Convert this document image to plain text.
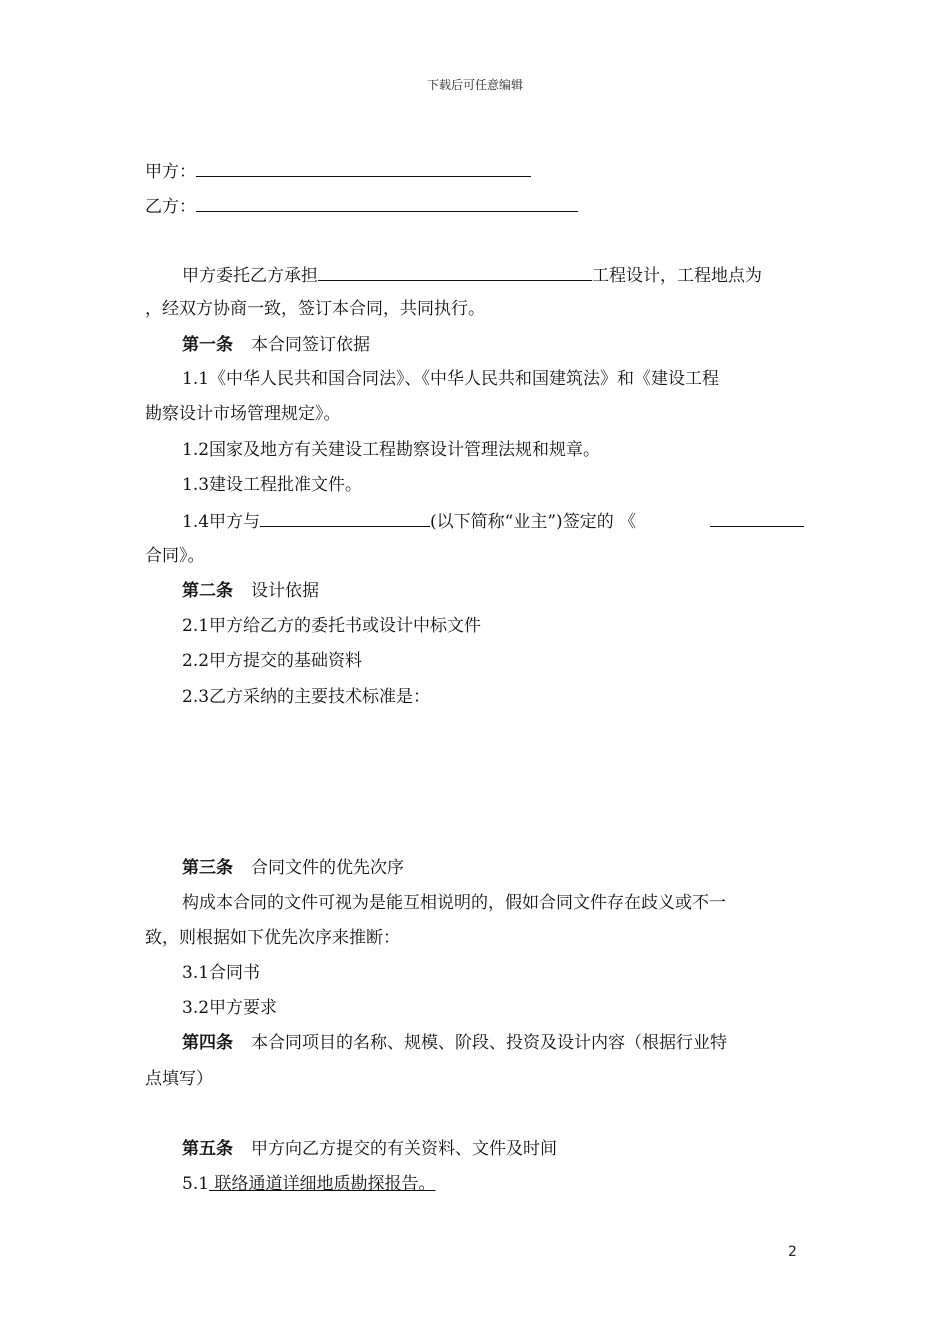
下载后可任意编辑
甲方：
乙方：
甲方委托乙方承担	工程设计，工程地点为
，经双方协商一致，签订本合同，共同执行。
第一条 本合同签订依据
1.1《中华人民共和国合同法》、《中华人民共和国建筑法》和《建设工程
勘察设计市场管理规定》。
1.2国家及地方有关建设工程勘察设计管理法规和规章。
1.3建设工程批准文件。
1.4甲方与	(以下简称“业主”)签定的 《
合同》。
第二条 设计依据
2.1甲方给乙方的委托书或设计中标文件
2.2甲方提交的基础资料
2.3乙方采纳的主要技术标准是：
第三条 合同文件的优先次序
构成本合同的文件可视为是能互相说明的，假如合同文件存在歧义或不一
致，则根据如下优先次序来推断：
3.1合同书
3.2甲方要求
第四条 本合同项目的名称、规模、阶段、投资及设计内容（根据行业特
点填写）
第五条 甲方向乙方提交的有关资料、文件及时间
5.1 联络通道详细地质勘探报告。
2
